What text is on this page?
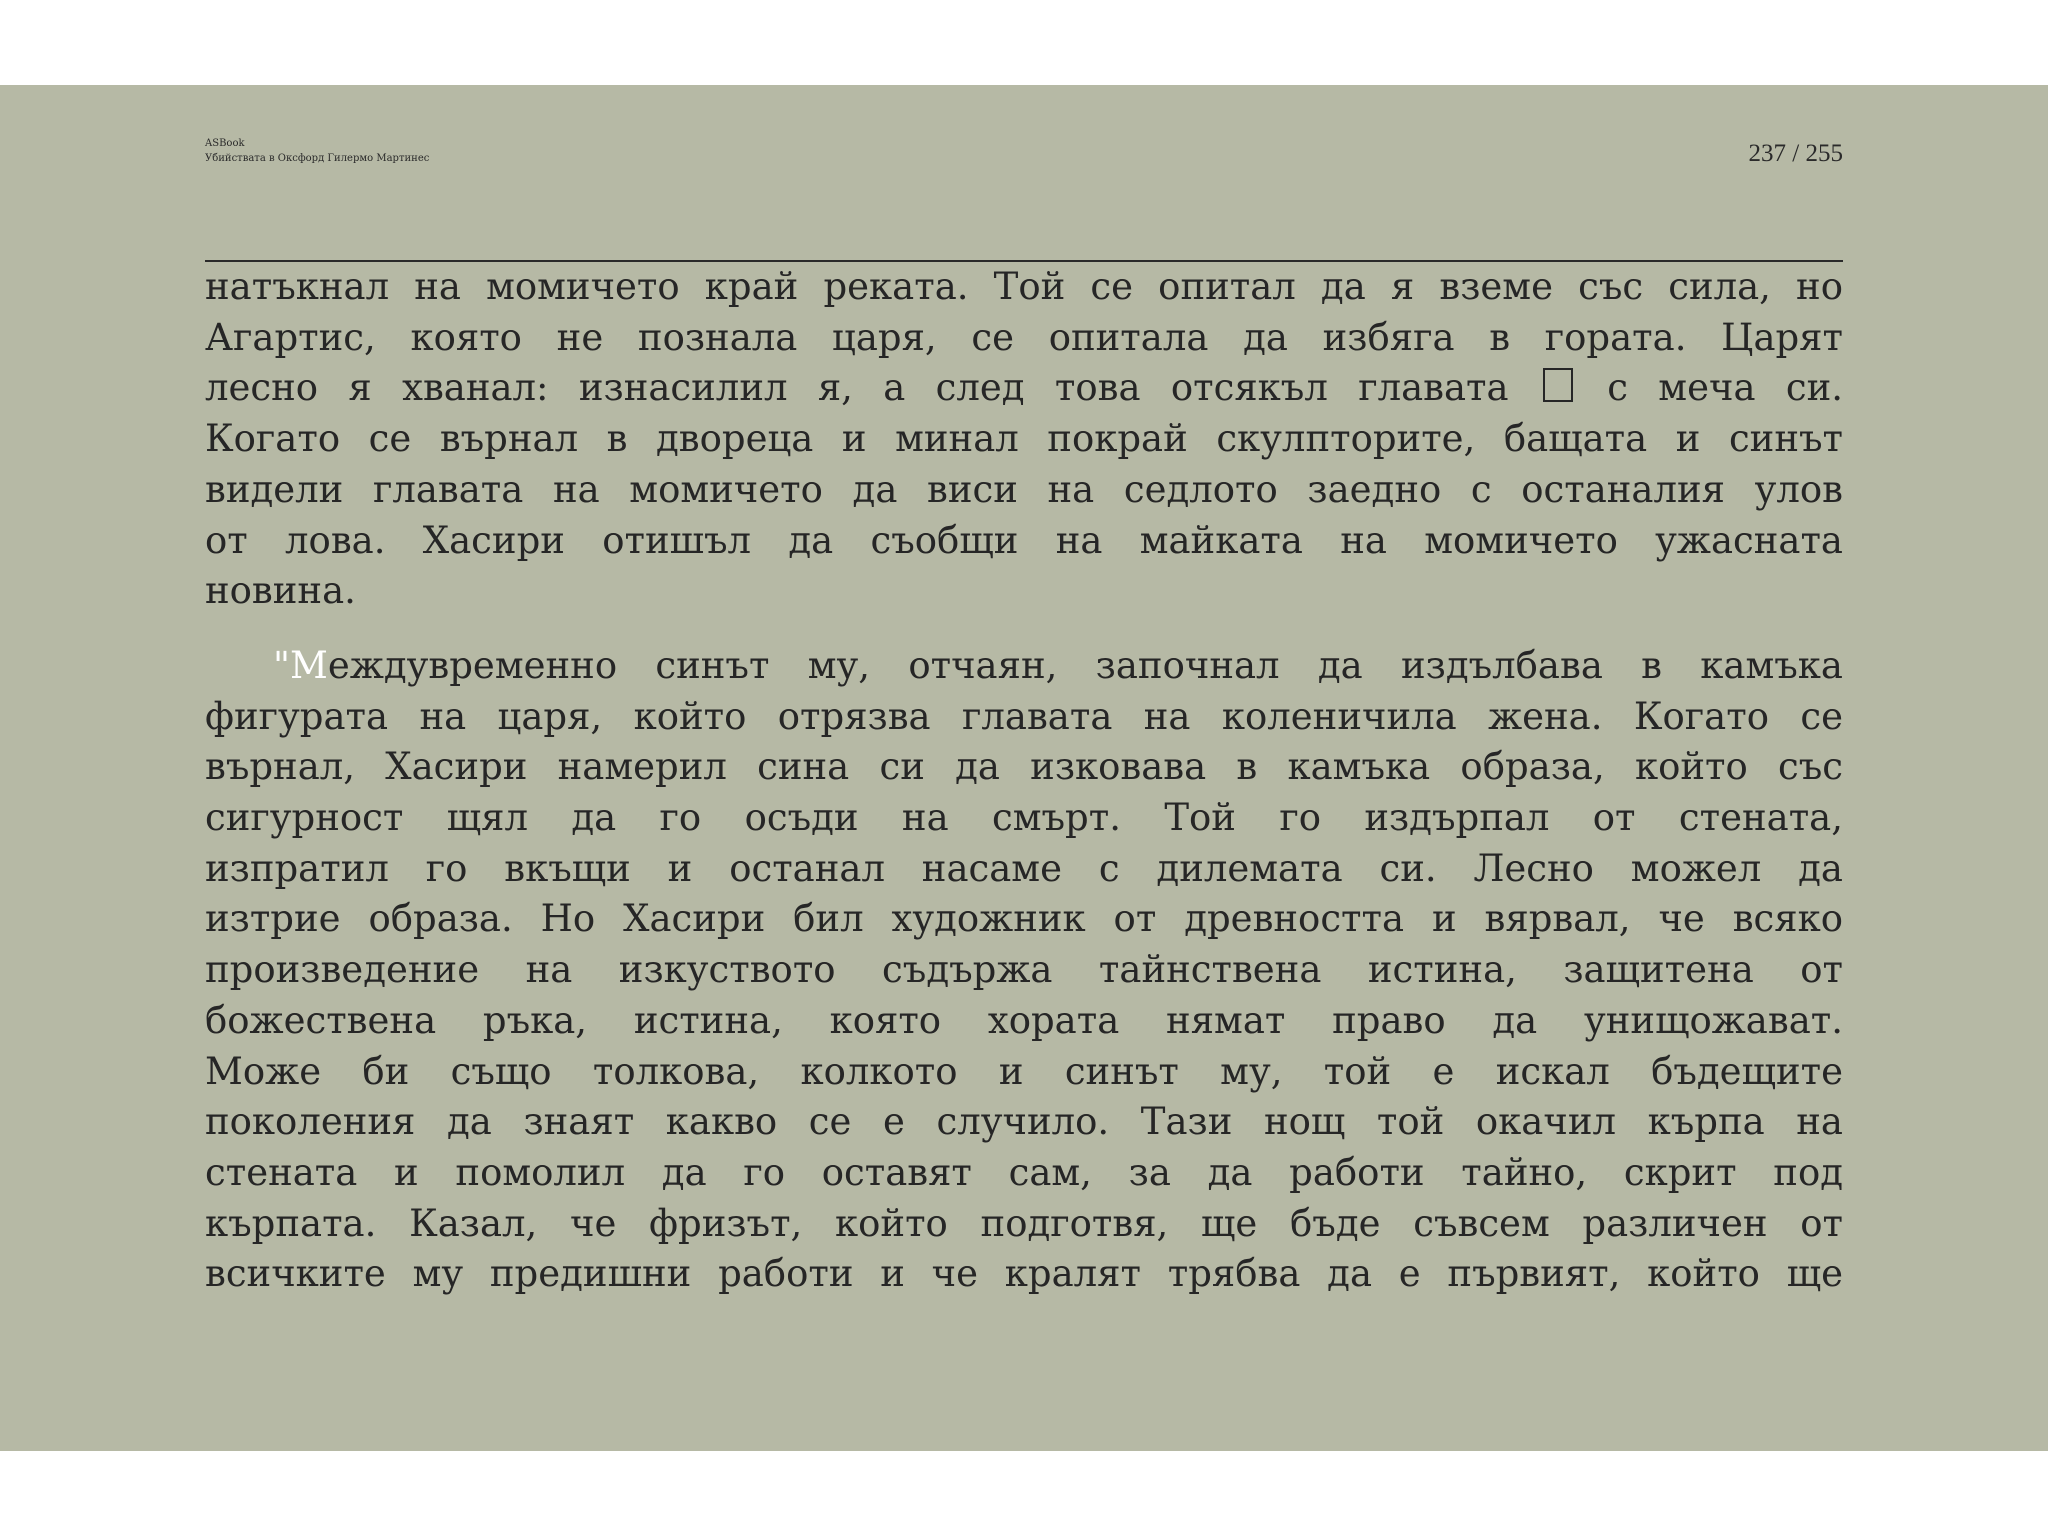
ASBook
Убийствата в Оксфорд Гилермо Мартинес	237 / 255
натъкнал на момичето край реката. Той се опитал да я вземе със сила, но
Агартис, която не познала царя, се опитала да избяга в гората. Царят
лесно я хванал: изнасилил я, а след това отсякъл главата	с меча си.
Когато се върнал в двореца и минал покрай скулпторите, бащата и синът
видели главата на момичето да виси на седлото заедно с останалия улов
от лова. Хасири отишъл да съобщи на майката на момичето ужасната
новина.
"Междувременно синът му, отчаян, започнал да издълбава в камъка
фигурата на царя, който отрязва главата на коленичила жена. Когато се
върнал, Хасири намерил сина си да изковава в камъка образа, който със
сигурност щял да го осъди на смърт. Той го издърпал от стената,
изпратил го вкъщи и останал насаме с дилемата си. Лесно можел да
изтрие образа. Но Хасири бил художник от древността и вярвал, че всяко
произведение на изкуството съдържа тайнствена истина, защитена от
божествена ръка, истина, която хората нямат право да унищожават.
Може би също толкова, колкото и синът му, той е искал бъдещите
поколения да знаят какво се е случило. Тази нощ той окачил кърпа на
стената и помолил да го оставят сам, за да работи тайно, скрит под
кърпата. Казал, че фризът, който подготвя, ще бъде съвсем различен от
всичките му предишни работи и че кралят трябва да е първият, който ще
